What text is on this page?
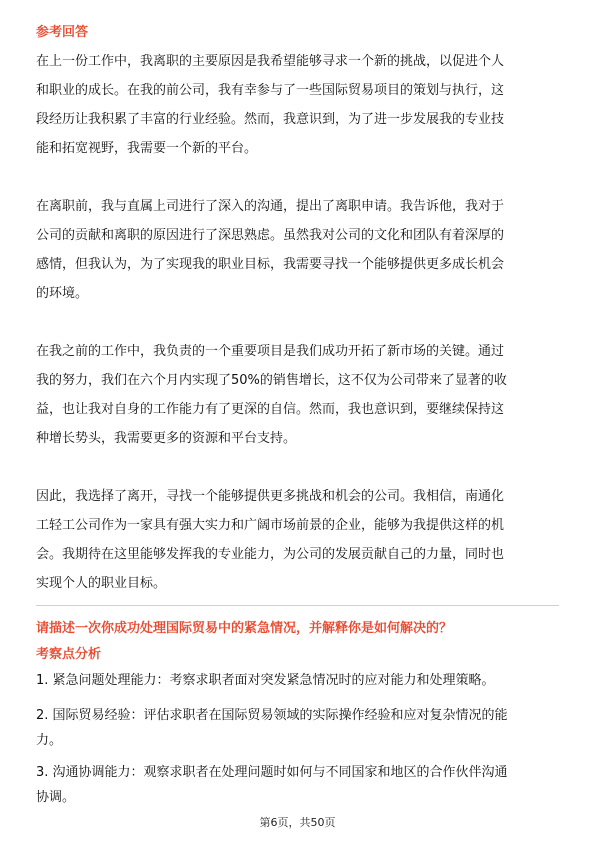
参考回答
在上一份工作中，我离职的主要原因是我希望能够寻求一个新的挑战，以促进个人
和职业的成长。在我的前公司，我有幸参与了一些国际贸易项目的策划与执行，这
段经历让我积累了丰富的行业经验。然而，我意识到，为了进一步发展我的专业技
能和拓宽视野，我需要一个新的平台。
在离职前，我与直属上司进行了深入的沟通，提出了离职申请。我告诉他，我对于
公司的贡献和离职的原因进行了深思熟虑。虽然我对公司的文化和团队有着深厚的
感情，但我认为，为了实现我的职业目标，我需要寻找一个能够提供更多成长机会
的环境。
在我之前的工作中，我负责的一个重要项目是我们成功开拓了新市场的关键。通过
我的努力，我们在六个月内实现了50%的销售增长，这不仅为公司带来了显著的收
益，也让我对自身的工作能力有了更深的自信。然而，我也意识到，要继续保持这
种增长势头，我需要更多的资源和平台支持。
因此，我选择了离开，寻找一个能够提供更多挑战和机会的公司。我相信，南通化
工轻工公司作为一家具有强大实力和广阔市场前景的企业，能够为我提供这样的机
会。我期待在这里能够发挥我的专业能力，为公司的发展贡献自己的力量，同时也
实现个人的职业目标。
请描述一次你成功处理国际贸易中的紧急情况，并解释你是如何解决的？
考察点分析
1. 紧急问题处理能力：考察求职者面对突发紧急情况时的应对能力和处理策略。
2. 国际贸易经验：评估求职者在国际贸易领域的实际操作经验和应对复杂情况的能
力。
3. 沟通协调能力：观察求职者在处理问题时如何与不同国家和地区的合作伙伴沟通
协调。
第6页，共50页
